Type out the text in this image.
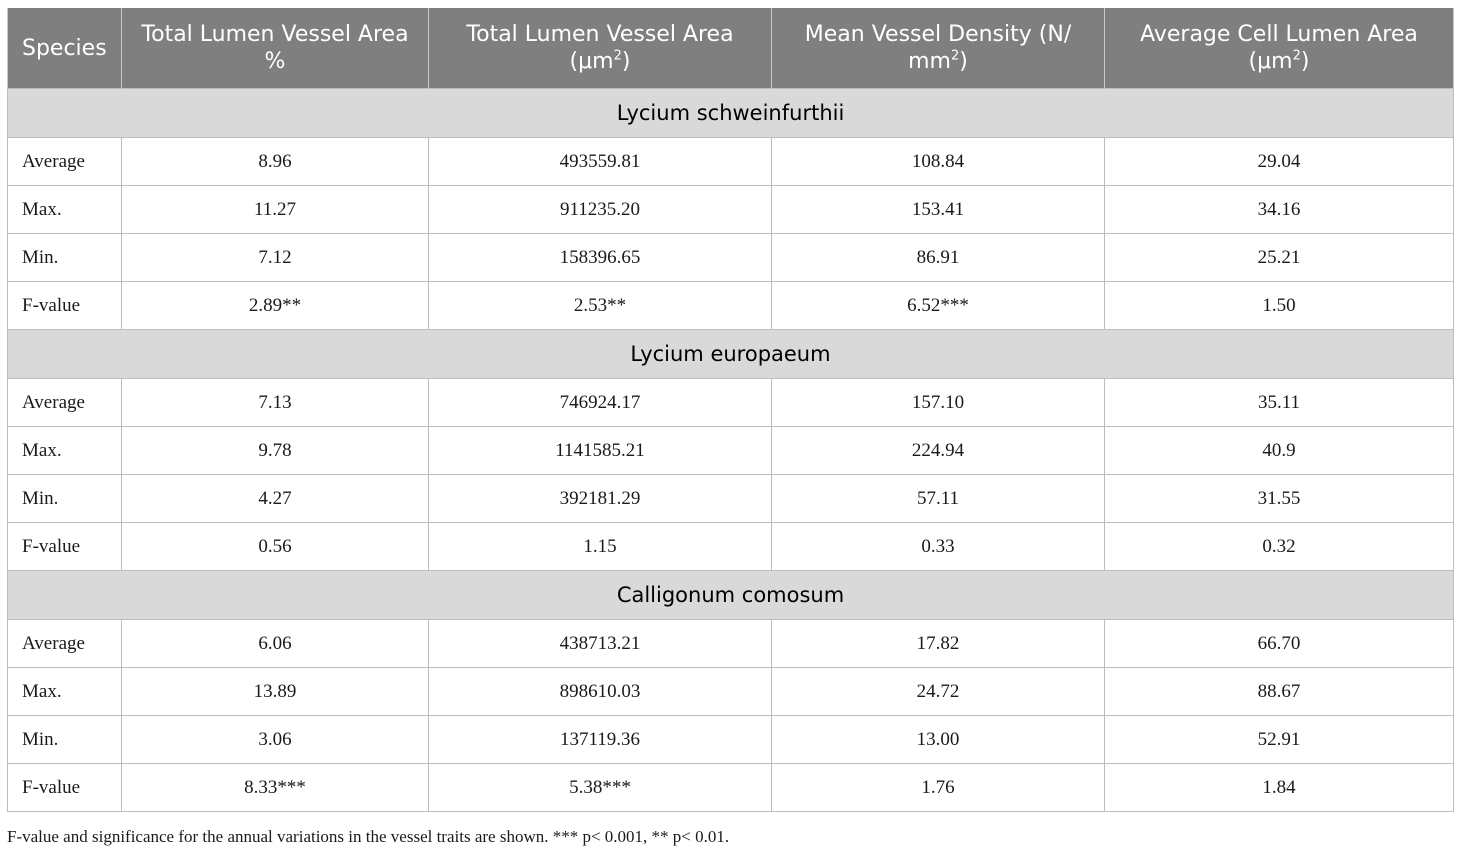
Species	Total Lumen Vessel Area %	Total Lumen Vessel Area $(\mu m^2)$	Mean Vessel Density (N/ $mm^2$)	Average Cell Lumen Area $(\mu m^2)$
Lycium schweinfurthii				
Average	8.96	493559.81	108.84	29.04
Max.	11.27	911235.20	153.41	34.16
Min.	7.12	158396.65	86.91	25.21
F-value	2.89**	2.53**	6.52***	1.50
Lycium europaeum				
Average	7.13	746924.17	157.10	35.11
Max.	9.78	1141585.21	224.94	40.9
Min.	4.27	392181.29	57.11	31.55
F-value	0.56	1.15	0.33	0.32
Calligonum comosum				
Average	6.06	438713.21	17.82	66.70
Max.	13.89	898610.03	24.72	88.67
Min.	3.06	137119.36	13.00	52.91
F-value	8.33***	5.38***	1.76	1.84
F-value and significance for the annual variations in the vessel traits are shown. *** p< 0.001, ** p< 0.01.
